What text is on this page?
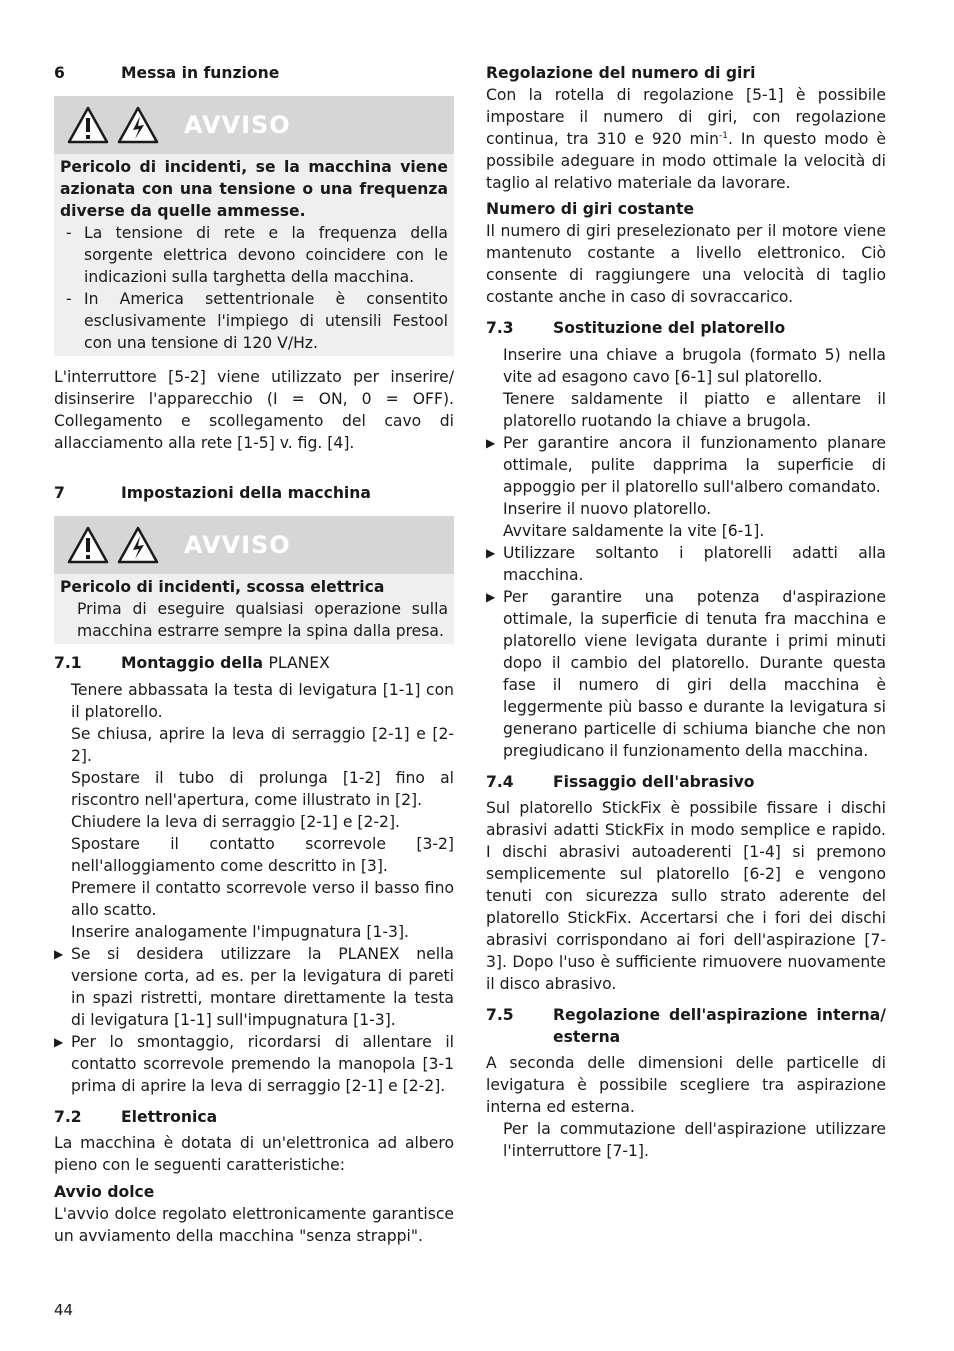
6	Messa in funzione
AVVISO

Pericolo di incidenti, se la macchina viene azionata con una tensione o una frequenza diverse da quelle ammesse.

- La tensione di rete e la frequenza della sorgente elettrica devono coincidere con le indicazioni sulla targhetta della macchina.

- In America settentrionale è consentito esclusivamente l'impiego di utensili Festool con una tensione di 120 V/Hz.

L'interruttore [5-2] viene utilizzato per inserire/ disinserire l'apparecchio (I = ON, 0 = OFF). Collegamento e scollegamento del cavo di allacciamento alla rete [1-5] v. fig. [4].

7	Impostazioni della macchina
AVVISO

Pericolo di incidenti, scossa elettrica

Prima di eseguire qualsiasi operazione sulla macchina estrarre sempre la spina dalla presa.

7.1	Montaggio della PLANEX

Tenere abbassata la testa di levigatura [1-1] con il platorello.

Se chiusa, aprire la leva di serraggio [2-1] e [2-2].

Spostare il tubo di prolunga [1-2] fino al riscontro nell'apertura, come illustrato in [2].

Chiudere la leva di serraggio [2-1] e [2-2].

Spostare il contatto scorrevole [3-2] nell'alloggiamento come descritto in [3].

Premere il contatto scorrevole verso il basso fino allo scatto.

Inserire analogamente l'impugnatura [1-3].

▶ Se si desidera utilizzare la PLANEX nella versione corta, ad es. per la levigatura di pareti in spazi ristretti, montare direttamente la testa di levigatura [1-1] sull'impugnatura [1-3].

▶ Per lo smontaggio, ricordarsi di allentare il contatto scorrevole premendo la manopola [3-1 prima di aprire la leva di serraggio [2-1] e [2-2].

7.2	Elettronica

La macchina è dotata di un'elettronica ad albero pieno con le seguenti caratteristiche:

Avvio dolce

L'avvio dolce regolato elettronicamente garantisce un avviamento della macchina "senza strappi".

Regolazione del numero di giri

Con la rotella di regolazione [5-1] è possibile impostare il numero di giri, con regolazione continua, tra 310 e 920 $\min^{-1}$. In questo modo è possibile adeguare in modo ottimale la velocità di taglio al relativo materiale da lavorare.

Numero di giri costante

Il numero di giri preselezionato per il motore viene mantenuto costante a livello elettronico. Ciò consente di raggiungere una velocità di taglio costante anche in caso di sovraccarico.

7.3	Sostituzione del platorello

Inserire una chiave a brugola (formato 5) nella vite ad esagono cavo [6-1] sul platorello.

Tenere saldamente il piatto e allentare il platorello ruotando la chiave a brugola.

▶ Per garantire ancora il funzionamento planare ottimale, pulite dapprima la superficie di appoggio per il platorello sull'albero comandato.

Inserire il nuovo platorello.

Avvitare saldamente la vite [6-1].

▶ Utilizzare soltanto i platorelli adatti alla macchina.

▶ Per garantire una potenza d'aspirazione ottimale, la superficie di tenuta fra macchina e platorello viene levigata durante i primi minuti dopo il cambio del platorello. Durante questa fase il numero di giri della macchina è leggermente più basso e durante la levigatura si generano particelle di schiuma bianche che non pregiudicano il funzionamento della macchina.

7.4	Fissaggio dell'abrasivo

Sul platorello StickFix è possibile fissare i dischi abrasivi adatti StickFix in modo semplice e rapido. I dischi abrasivi autoaderenti [1-4] si premono semplicemente sul platorello [6-2] e vengono tenuti con sicurezza sullo strato aderente del platorello StickFix. Accertarsi che i fori dei dischi abrasivi corrispondano ai fori dell'aspirazione [7-3]. Dopo l'uso è sufficiente rimuovere nuovamente il disco abrasivo.

7.5	Regolazione dell'aspirazione interna/ esterna

A seconda delle dimensioni delle particelle di levigatura è possibile scegliere tra aspirazione interna ed esterna.

Per la commutazione dell'aspirazione utilizzare l'interruttore [7-1].

44
